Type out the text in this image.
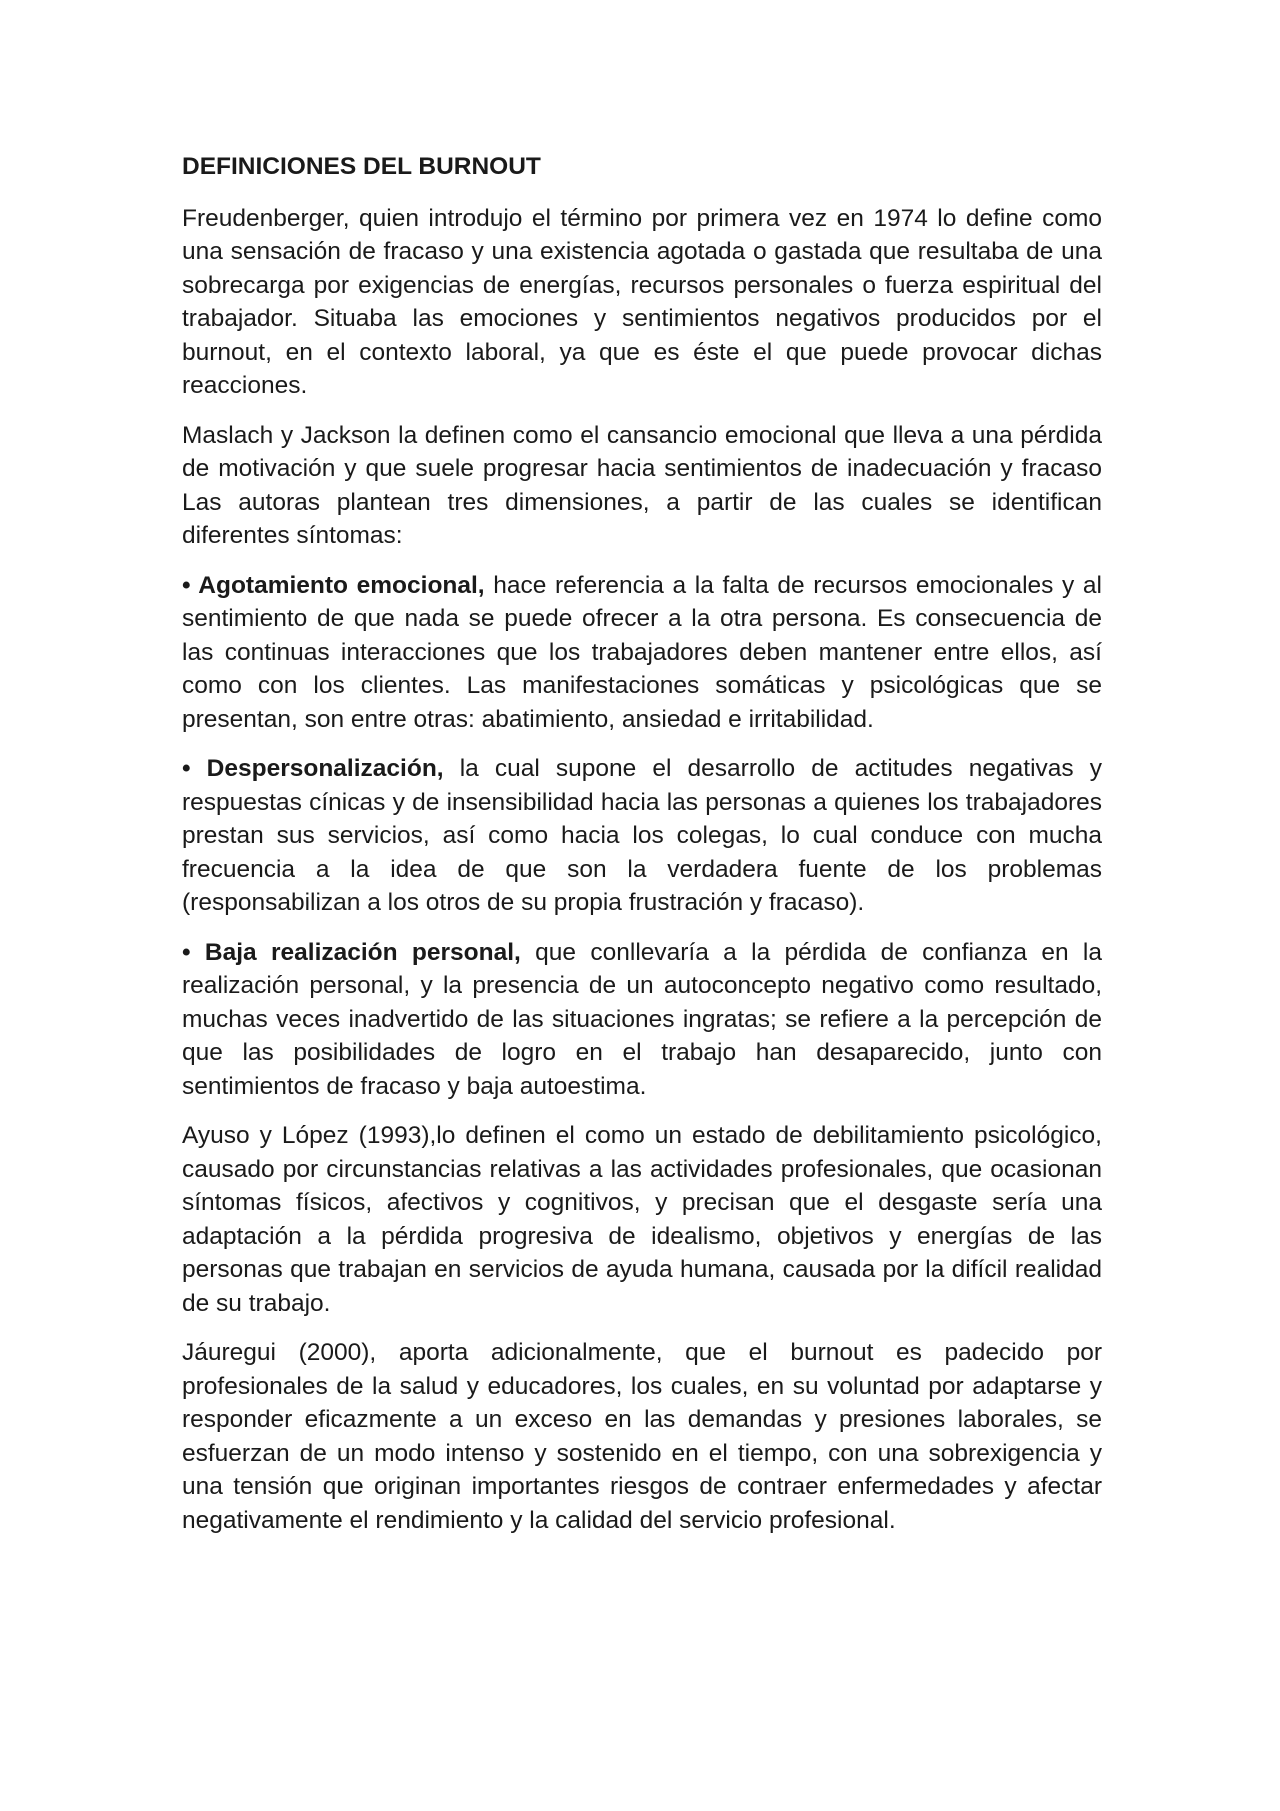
DEFINICIONES DEL BURNOUT

Freudenberger, quien introdujo el término por primera vez en 1974 lo define como una sensación de fracaso y una existencia agotada o gastada que resultaba de una sobrecarga por exigencias de energías, recursos personales o fuerza espiritual del trabajador. Situaba las emociones y sentimientos negativos producidos por el burnout, en el contexto laboral, ya que es éste el que puede provocar dichas reacciones.

Maslach y Jackson la definen como el cansancio emocional que lleva a una pérdida de motivación y que suele progresar hacia sentimientos de inadecuación y fracaso Las autoras plantean tres dimensiones, a partir de las cuales se identifican diferentes síntomas:

• Agotamiento emocional, hace referencia a la falta de recursos emocionales y al sentimiento de que nada se puede ofrecer a la otra persona. Es consecuencia de las continuas interacciones que los trabajadores deben mantener entre ellos, así como con los clientes. Las manifestaciones somáticas y psicológicas que se presentan, son entre otras: abatimiento, ansiedad e irritabilidad.

• Despersonalización, la cual supone el desarrollo de actitudes negativas y respuestas cínicas y de insensibilidad hacia las personas a quienes los trabajadores prestan sus servicios, así como hacia los colegas, lo cual conduce con mucha frecuencia a la idea de que son la verdadera fuente de los problemas (responsabilizan a los otros de su propia frustración y fracaso).

• Baja realización personal, que conllevaría a la pérdida de confianza en la realización personal, y la presencia de un autoconcepto negativo como resultado, muchas veces inadvertido de las situaciones ingratas; se refiere a la percepción de que las posibilidades de logro en el trabajo han desaparecido, junto con sentimientos de fracaso y baja autoestima.

Ayuso y López (1993),lo definen el como un estado de debilitamiento psicológico, causado por circunstancias relativas a las actividades profesionales, que ocasionan síntomas físicos, afectivos y cognitivos, y precisan que el desgaste sería una adaptación a la pérdida progresiva de idealismo, objetivos y energías de las personas que trabajan en servicios de ayuda humana, causada por la difícil realidad de su trabajo.

Jáuregui (2000), aporta adicionalmente, que el burnout es padecido por profesionales de la salud y educadores, los cuales, en su voluntad por adaptarse y responder eficazmente a un exceso en las demandas y presiones laborales, se esfuerzan de un modo intenso y sostenido en el tiempo, con una sobrexigencia y una tensión que originan importantes riesgos de contraer enfermedades y afectar negativamente el rendimiento y la calidad del servicio profesional.
